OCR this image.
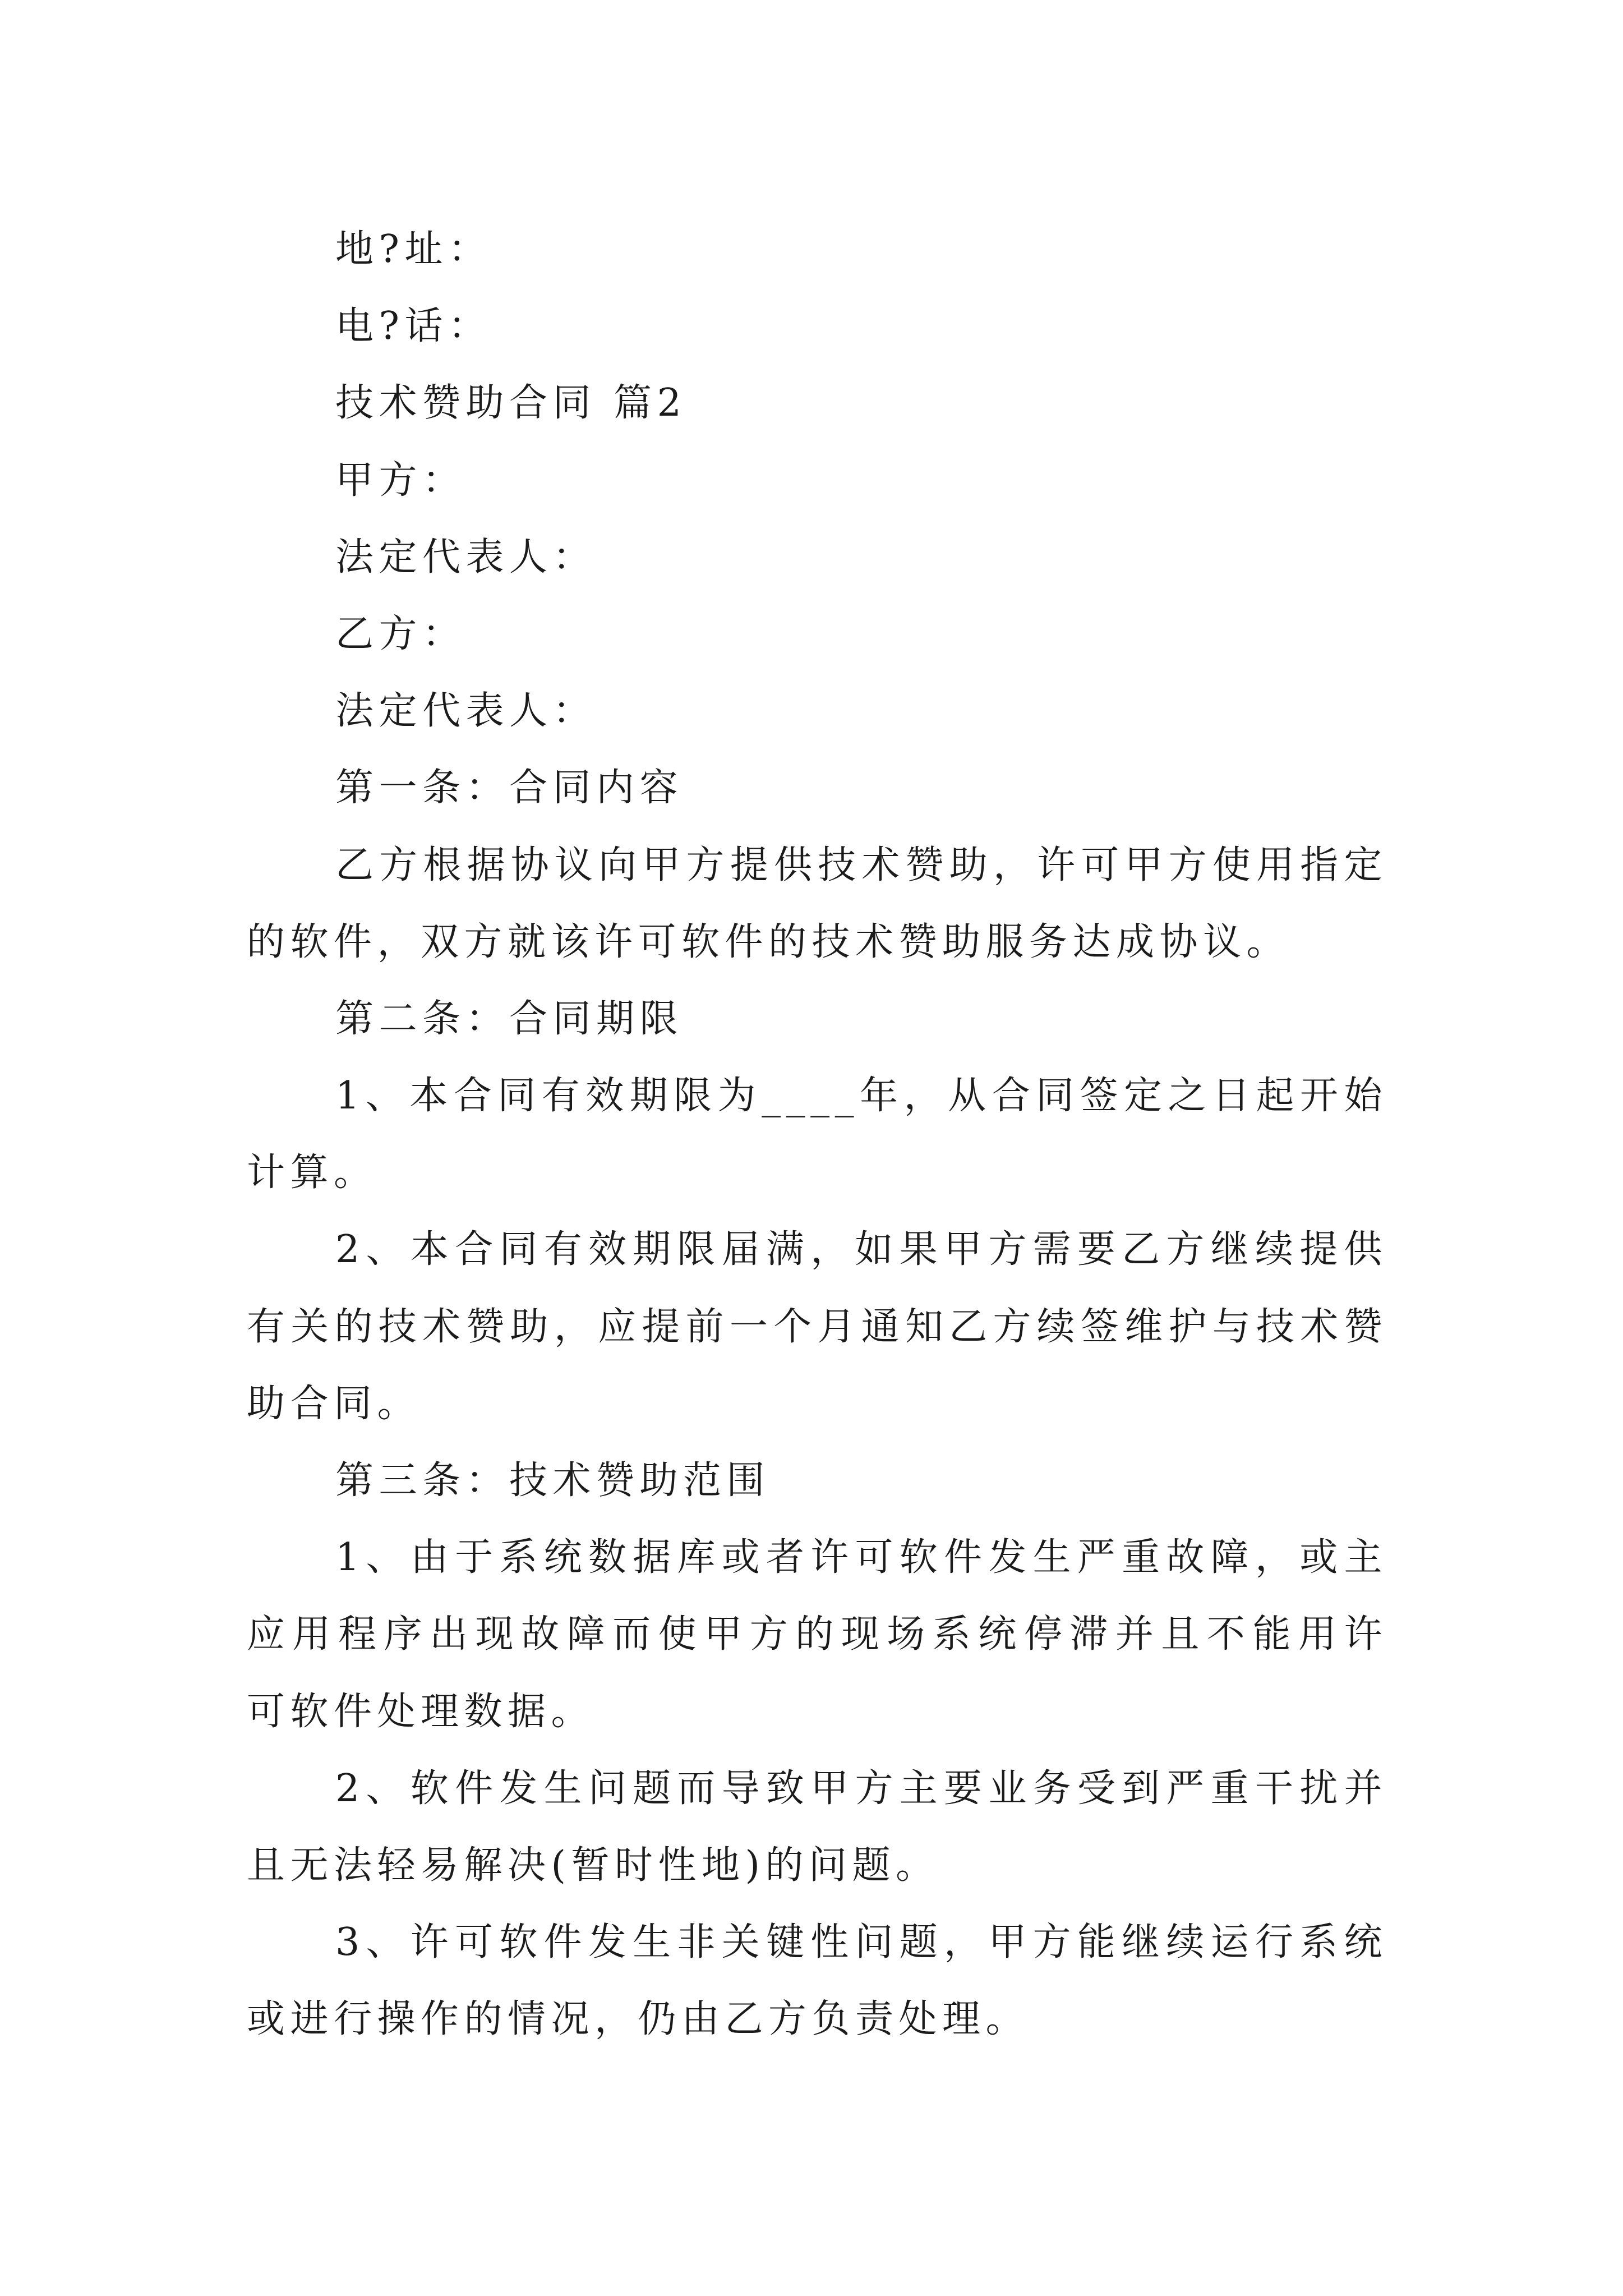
地?址：
电?话：
技术赞助合同 篇2
甲方：
法定代表人：
乙方：
法定代表人：
第一条：合同内容
乙方根据协议向甲方提供技术赞助，许可甲方使用指定
的软件，双方就该许可软件的技术赞助服务达成协议。
第二条：合同期限
1、本合同有效期限为____年，从合同签定之日起开始
计算。
2、本合同有效期限届满，如果甲方需要乙方继续提供
有关的技术赞助，应提前一个月通知乙方续签维护与技术赞
助合同。
第三条：技术赞助范围
1、由于系统数据库或者许可软件发生严重故障，或主
应用程序出现故障而使甲方的现场系统停滞并且不能用许
可软件处理数据。
2、软件发生问题而导致甲方主要业务受到严重干扰并
且无法轻易解决(暂时性地)的问题。
3、许可软件发生非关键性问题，甲方能继续运行系统
或进行操作的情况，仍由乙方负责处理。
